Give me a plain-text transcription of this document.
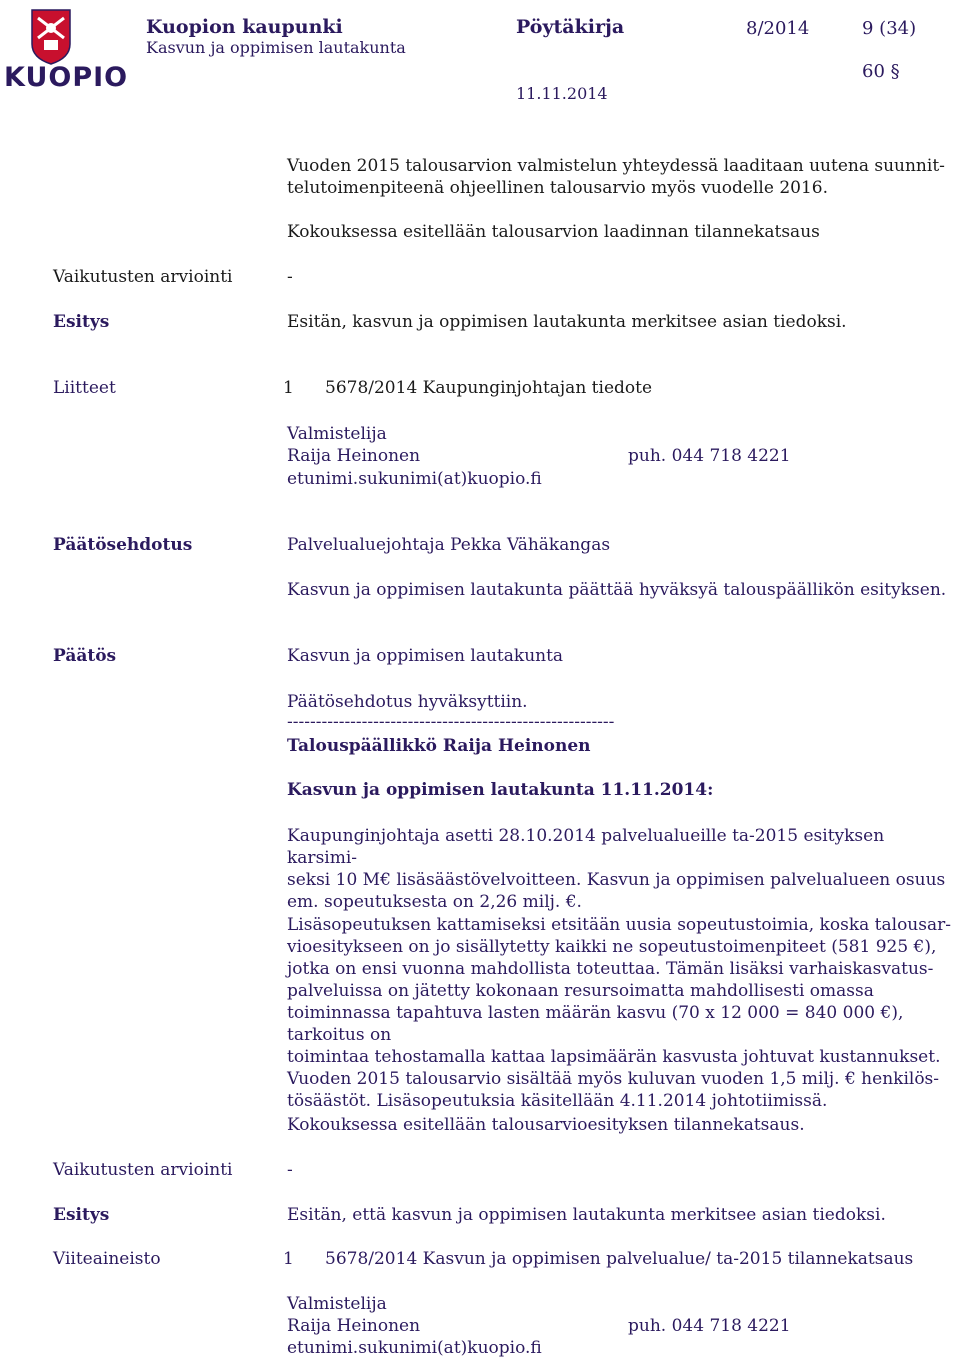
KUOPIO
Kuopion kaupunki
Kasvun ja oppimisen lautakunta
Pöytäkirja	8/2014	9 (34)
60 §
11.11.2014

Vuoden 2015 talousarvion valmistelun yhteydessä laaditaan uutena suunnit-

telutoimenpiteenä ohjeellinen talousarvio myös vuodelle 2016.

Kokouksessa esitellään talousarvion laadinnan tilannekatsaus
Vaikutusten arviointi	-
Esitys	Esitän, kasvun ja oppimisen lautakunta merkitsee asian tiedoksi.
Liitteet	1 5678/2014 Kaupunginjohtajan tiedote
Valmistelija
Raija Heinonen	puh. 044 718 4221
etunimi.sukunimi(at)kuopio.fi
Päätösehdotus	Palvelualuejohtaja Pekka Vähäkangas
Kasvun ja oppimisen lautakunta päättää hyväksyä talouspäällikön esityksen.
Päätös	Kasvun ja oppimisen lautakunta
Päätösehdotus hyväksyttiin.
---------------------------------------------------------
Talouspäällikkö Raija Heinonen
Kasvun ja oppimisen lautakunta 11.11.2014:

Kaupunginjohtaja asetti 28.10.2014 palvelualueille ta-2015 esityksen karsimi-

seksi 10 M€ lisäsäästövelvoitteen. Kasvun ja oppimisen palvelualueen osuus

em. sopeutuksesta on 2,26 milj. €.

Lisäsopeutuksen kattamiseksi etsitään uusia sopeutustoimia, koska talousar-

vioesitykseen on jo sisällytetty kaikki ne sopeutustoimenpiteet (581 925 €),

jotka on ensi vuonna mahdollista toteuttaa. Tämän lisäksi varhaiskasvatus-

palveluissa on jätetty kokonaan resursoimatta mahdollisesti omassa toiminnassa tapahtuva lasten määrän kasvu (70 x 12 000 = 840 000 €), tarkoitus on

toimintaa tehostamalla kattaa lapsimäärän kasvusta johtuvat kustannukset.

Vuoden 2015 talousarvio sisältää myös kuluvan vuoden 1,5 milj. € henkilös-

tösäästöt. Lisäsopeutuksia käsitellään 4.11.2014 johtotiimissä.

Kokouksessa esitellään talousarvioesityksen tilannekatsaus.
Vaikutusten arviointi	-
Esitys	Esitän, että kasvun ja oppimisen lautakunta merkitsee asian tiedoksi.
Viiteaineisto	1 5678/2014 Kasvun ja oppimisen palvelualue/ ta-2015 tilannekatsaus
Valmistelija
Raija Heinonen	puh. 044 718 4221
etunimi.sukunimi(at)kuopio.fi
